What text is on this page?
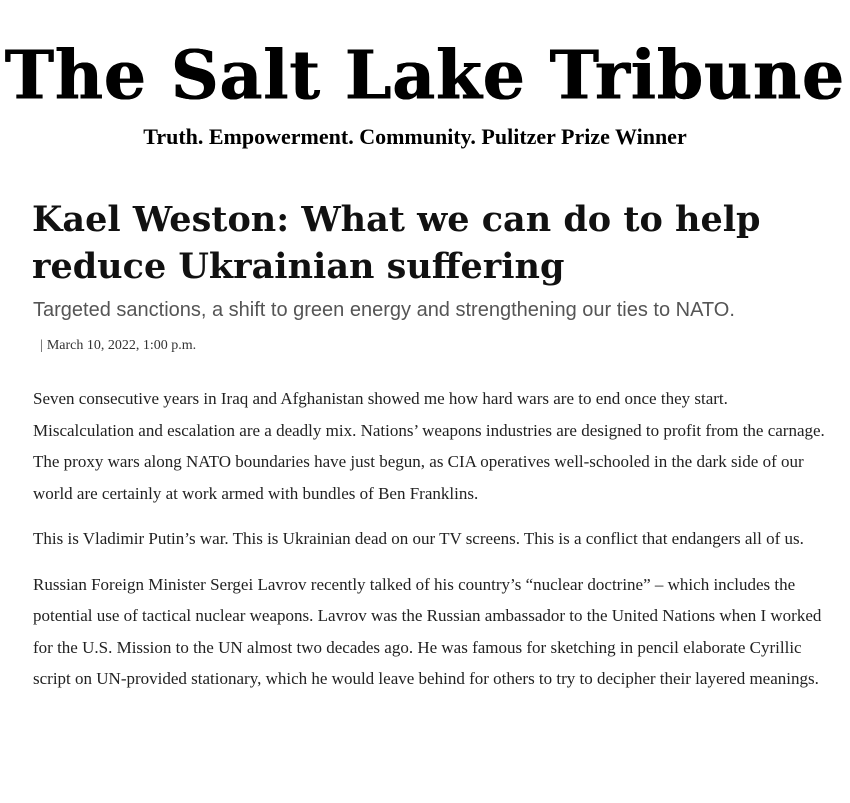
The Salt Lake Tribune
Truth. Empowerment. Community. Pulitzer Prize Winner
Kael Weston: What we can do to help reduce Ukrainian suffering
Targeted sanctions, a shift to green energy and strengthening our ties to NATO.
| March 10, 2022, 1:00 p.m.

Seven consecutive years in Iraq and Afghanistan showed me how hard wars are to end once they start. Miscalculation and escalation are a deadly mix. Nations’ weapons industries are designed to profit from the carnage. The proxy wars along NATO boundaries have just begun, as CIA operatives well-schooled in the dark side of our world are certainly at work armed with bundles of Ben Franklins.

This is Vladimir Putin’s war. This is Ukrainian dead on our TV screens. This is a conflict that endangers all of us.

Russian Foreign Minister Sergei Lavrov recently talked of his country’s “nuclear doctrine” – which includes the potential use of tactical nuclear weapons. Lavrov was the Russian ambassador to the United Nations when I worked for the U.S. Mission to the UN almost two decades ago. He was famous for sketching in pencil elaborate Cyrillic script on UN-provided stationary, which he would leave behind for others to try to decipher their layered meanings.
